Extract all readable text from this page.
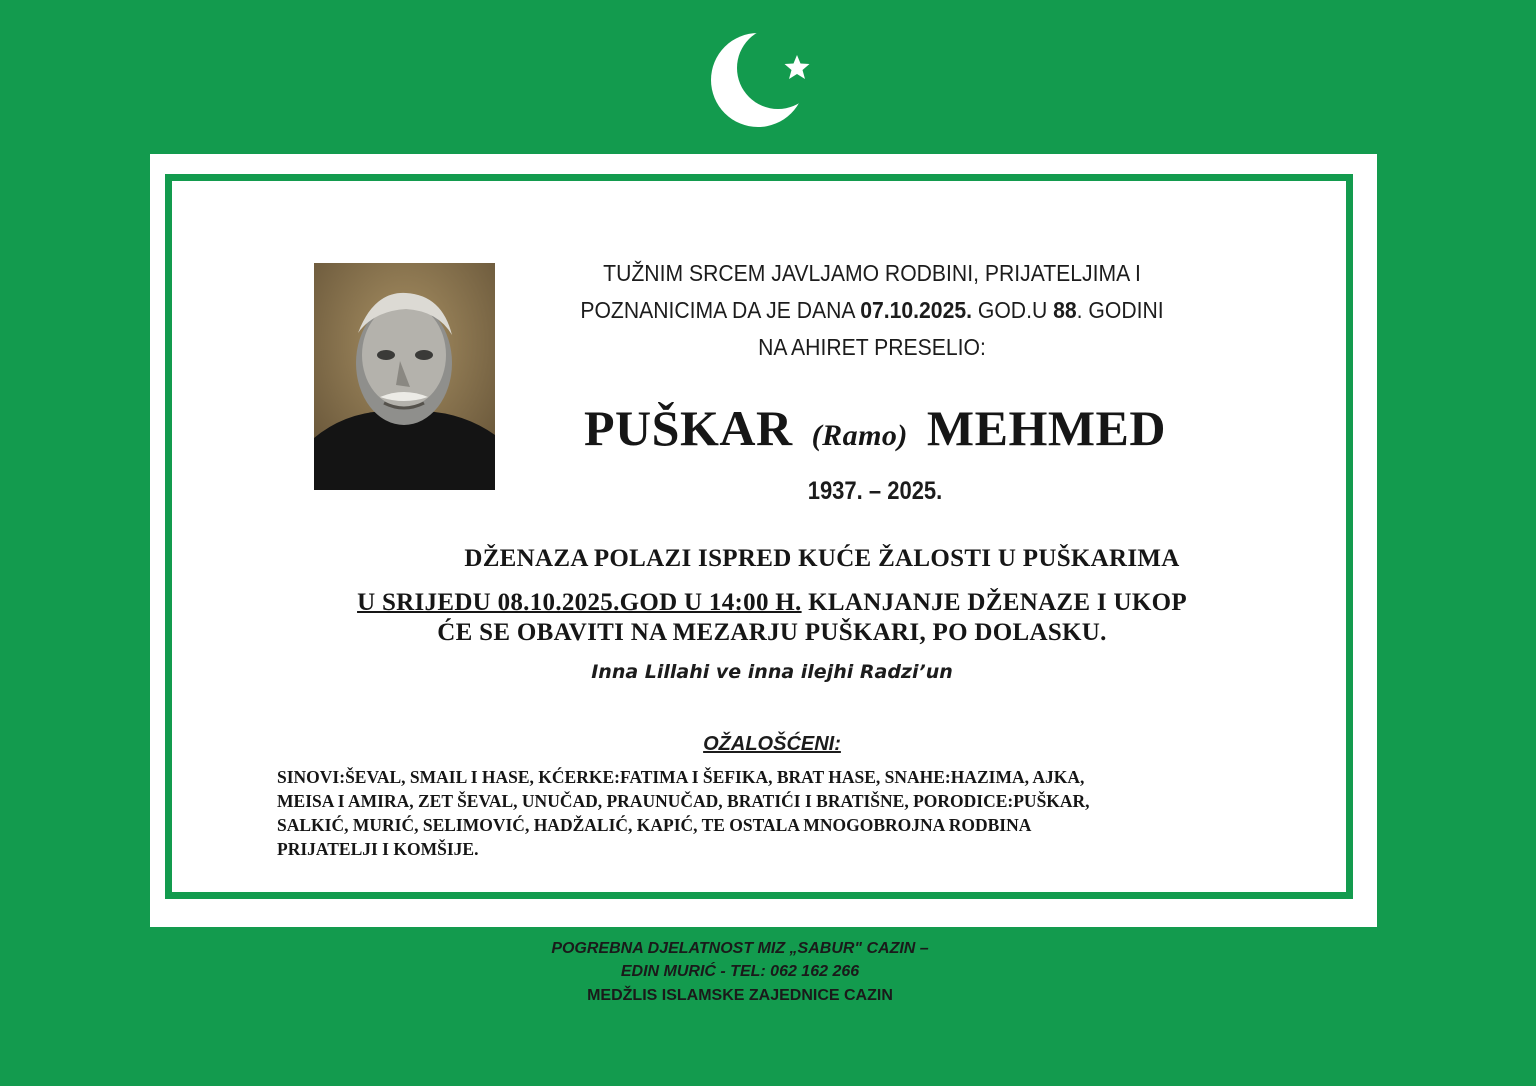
TUŽNIM SRCEM JAVLJAMO RODBINI, PRIJATELJIMA I
POZNANICIMA DA JE DANA 07.10.2025. GOD.U 88. GODINI
NA AHIRET PRESELIO:
PUŠKAR (Ramo) MEHMED
1937. – 2025.
DŽENAZA POLAZI ISPRED KUĆE ŽALOSTI U PUŠKARIMA
U SRIJEDU 08.10.2025.GOD U 14:00 H. KLANJANJE DŽENAZE I UKOP
ĆE SE OBAVITI NA MEZARJU PUŠKARI, PO DOLASKU.
Inna Lillahi ve inna ilejhi Radzi’un
OŽALOŠĆENI:
SINOVI:ŠEVAL, SMAIL I HASE, KĆERKE:FATIMA I ŠEFIKA, BRAT HASE, SNAHE:HAZIMA, AJKA,
MEISA I AMIRA, ZET ŠEVAL, UNUČAD, PRAUNUČAD, BRATIĆI I BRATIŠNE, PORODICE:PUŠKAR,
SALKIĆ, MURIĆ, SELIMOVIĆ, HADŽALIĆ, KAPIĆ, TE OSTALA MNOGOBROJNA RODBINA
PRIJATELJI I KOMŠIJE.
POGREBNA DJELATNOST MIZ „SABUR" CAZIN –
EDIN MURIĆ - TEL: 062 162 266
MEDŽLIS ISLAMSKE ZAJEDNICE CAZIN
